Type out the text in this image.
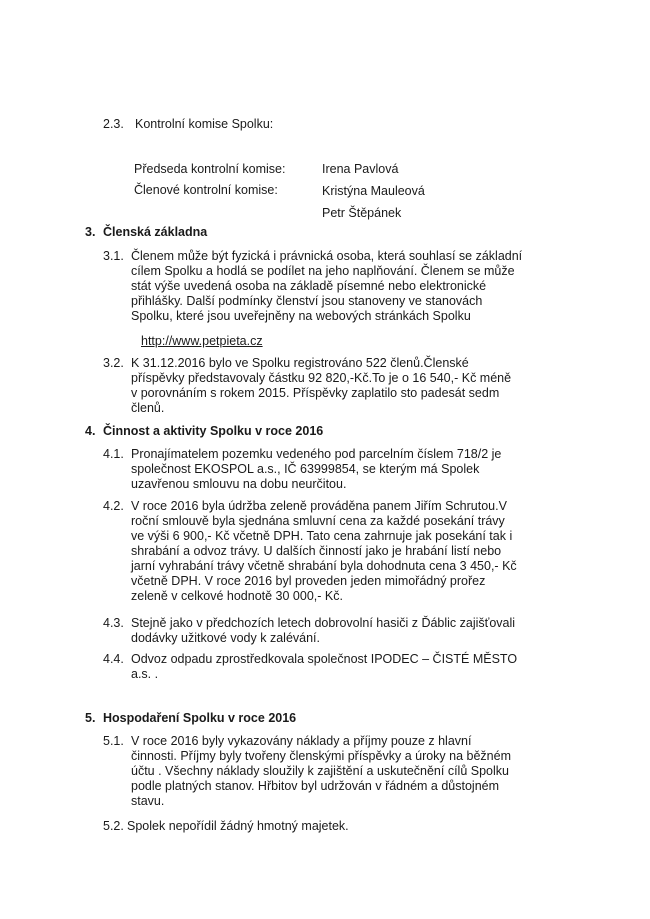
2.3. Kontrolní komise Spolku:
Předseda kontrolní komise:	Irena Pavlová
Členové kontrolní komise:	Kristýna Mauleová
Petr Štěpánek
3. Členská základna
3.1. Členem může být fyzická i právnická osoba, která souhlasí se základní
cílem Spolku a hodlá se podílet na jeho naplňování. Členem se může
stát výše uvedená osoba na základě písemné nebo elektronické
přihlášky. Další podmínky členství jsou stanoveny ve stanovách
Spolku, které jsou uveřejněny na webových stránkách Spolku
http://www.petpieta.cz
3.2. K 31.12.2016 bylo ve Spolku registrováno 522 členů.Členské
příspěvky představovaly částku 92 820,-Kč.To je o 16 540,- Kč méně
v porovnáním s rokem 2015. Příspěvky zaplatilo sto padesát sedm
členů.
4. Činnost a aktivity Spolku v roce 2016
4.1. Pronajímatelem pozemku vedeného pod parcelním číslem 718/2 je
společnost EKOSPOL a.s., IČ 63999854, se kterým má Spolek
uzavřenou smlouvu na dobu neurčitou.
4.2. V roce 2016 byla údržba zeleně prováděna panem Jiřím Schrutou.V
roční smlouvě byla sjednána smluvní cena za každé posekání trávy
ve výši 6 900,- Kč včetně DPH. Tato cena zahrnuje jak posekání tak i
shrabání a odvoz trávy. U dalších činností jako je hrabání listí nebo
jarní vyhrabání trávy včetně shrabání byla dohodnuta cena 3 450,- Kč
včetně DPH. V roce 2016 byl proveden jeden mimořádný prořez
zeleně v celkové hodnotě 30 000,- Kč.
4.3. Stejně jako v předchozích letech dobrovolní hasiči z Ďáblic zajišťovali
dodávky užitkové vody k zalévání.
4.4. Odvoz odpadu zprostředkovala společnost IPODEC – ČISTÉ MĚSTO
a.s. .
5. Hospodaření Spolku v roce 2016
5.1. V roce 2016 byly vykazovány náklady a příjmy pouze z hlavní
činnosti. Příjmy byly tvořeny členskými příspěvky a úroky na běžném
účtu . Všechny náklady sloužily k zajištění a uskutečnění cílů Spolku
podle platných stanov. Hřbitov byl udržován v řádném a důstojném
stavu.
5.2. Spolek nepořídil žádný hmotný majetek.
